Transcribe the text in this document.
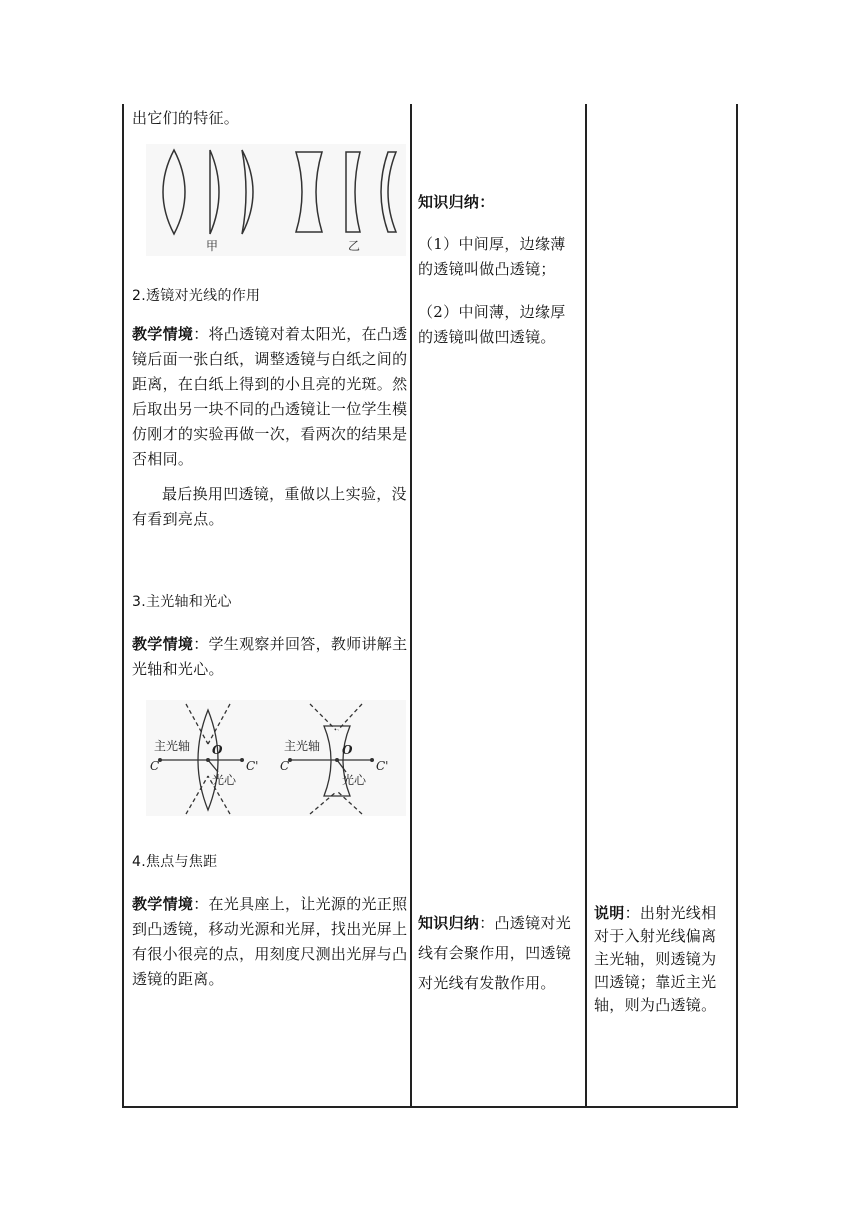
出它们的特征。

甲	乙

2.透镜对光线的作用

教学情境：将凸透镜对着太阳光，在凸透镜后面一张白纸，调整透镜与白纸之间的距离，在白纸上得到的小且亮的光斑。然后取出另一块不同的凸透镜让一位学生模仿刚才的实验再做一次，看两次的结果是否相同。

最后换用凹透镜，重做以上实验，没有看到亮点。

3.主光轴和光心

教学情境：学生观察并回答，教师讲解主光轴和光心。

C	C'
主光轴 O
光心
C	C'
主光轴 O
光心

4.焦点与焦距

教学情境：在光具座上，让光源的光正照到凸透镜，移动光源和光屏，找出光屏上有很小很亮的点，用刻度尺测出光屏与凸透镜的距离。

知识归纳：

（1）中间厚，边缘薄的透镜叫做凸透镜；

（2）中间薄，边缘厚的透镜叫做凹透镜。

知识归纳：凸透镜对光线有会聚作用，凹透镜对光线有发散作用。

说明：出射光线相对于入射光线偏离主光轴，则透镜为凹透镜；靠近主光轴，则为凸透镜。
